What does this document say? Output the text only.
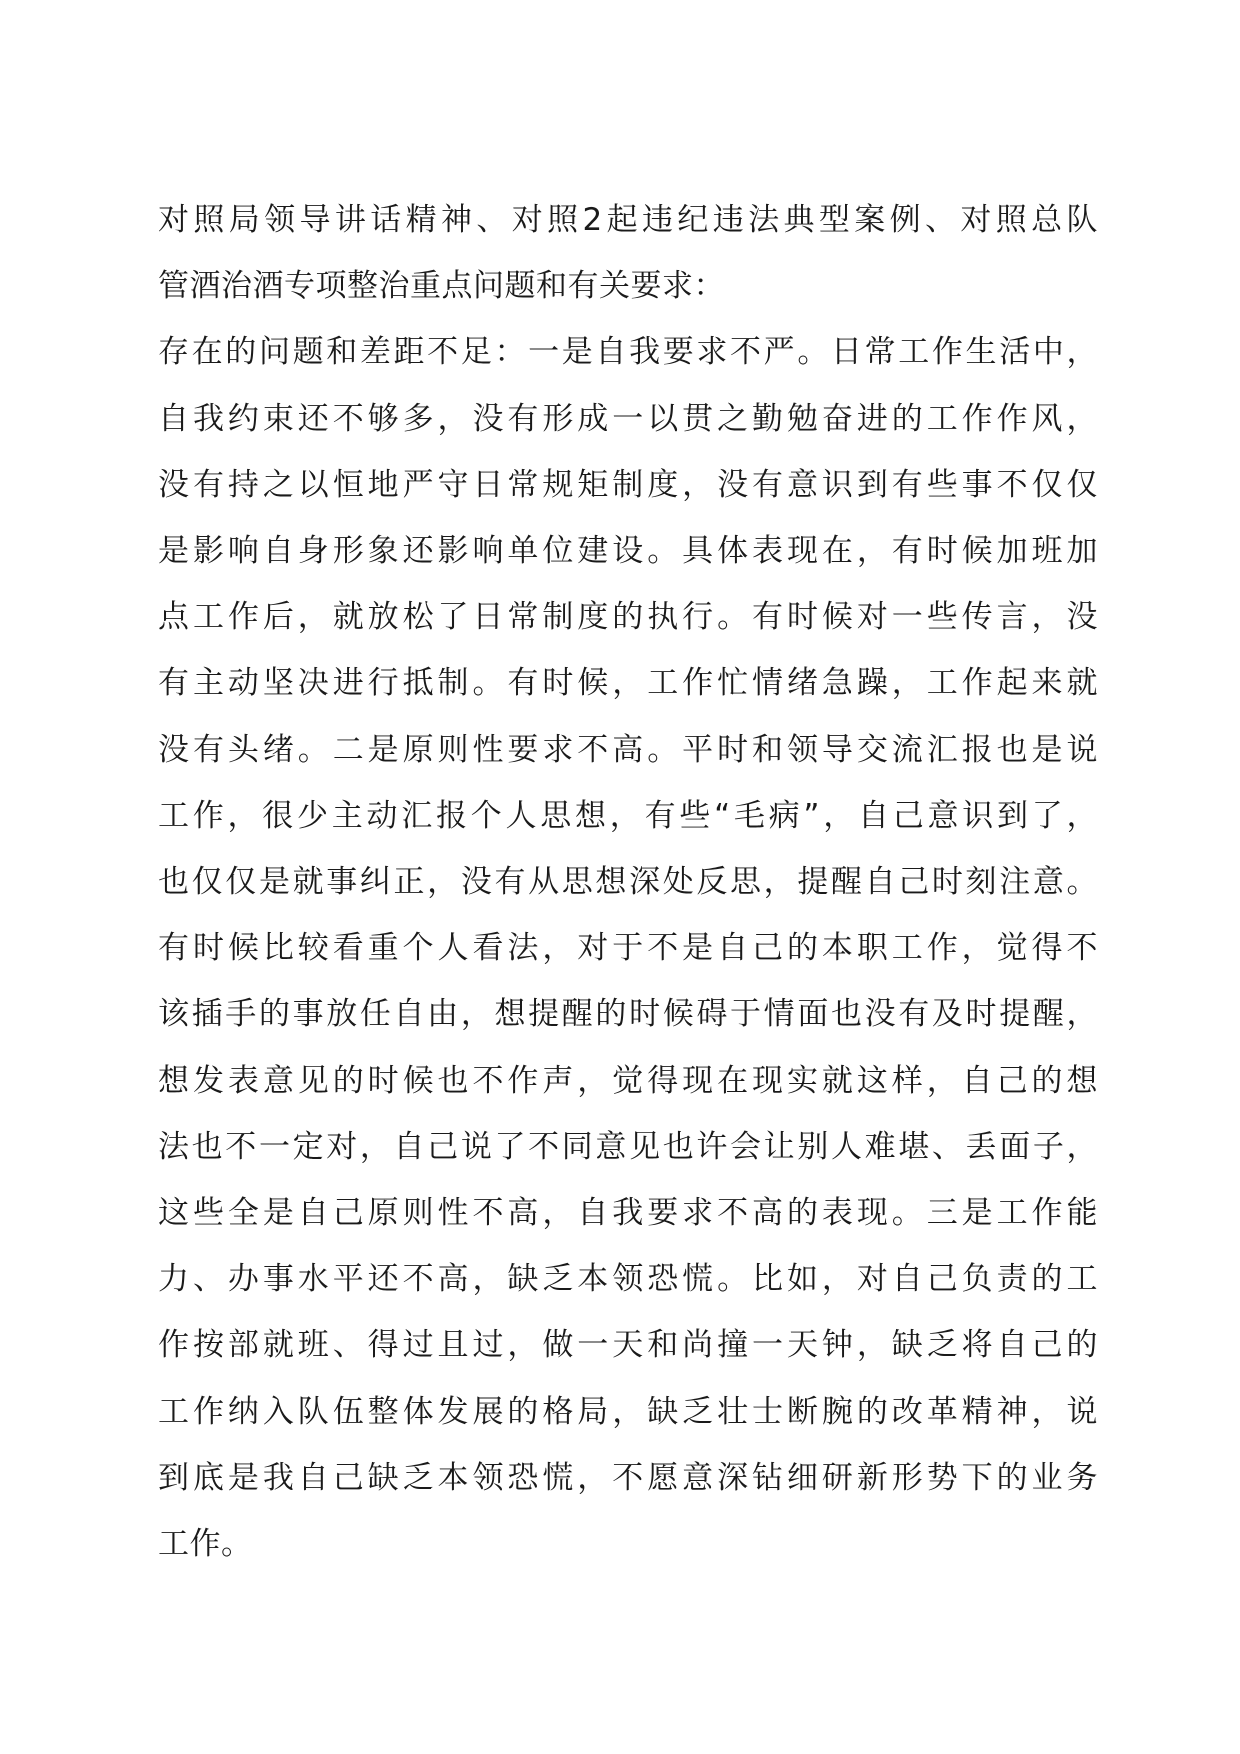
对照局领导讲话精神、对照2起违纪违法典型案例、对照总队
管酒治酒专项整治重点问题和有关要求：
存在的问题和差距不足：一是自我要求不严。日常工作生活中，
自我约束还不够多，没有形成一以贯之勤勉奋进的工作作风，
没有持之以恒地严守日常规矩制度，没有意识到有些事不仅仅
是影响自身形象还影响单位建设。具体表现在，有时候加班加
点工作后，就放松了日常制度的执行。有时候对一些传言，没
有主动坚决进行抵制。有时候，工作忙情绪急躁，工作起来就
没有头绪。二是原则性要求不高。平时和领导交流汇报也是说
工作，很少主动汇报个人思想，有些“毛病”，自己意识到了，
也仅仅是就事纠正，没有从思想深处反思，提醒自己时刻注意。
有时候比较看重个人看法，对于不是自己的本职工作，觉得不
该插手的事放任自由，想提醒的时候碍于情面也没有及时提醒，
想发表意见的时候也不作声，觉得现在现实就这样，自己的想
法也不一定对，自己说了不同意见也许会让别人难堪、丢面子，
这些全是自己原则性不高，自我要求不高的表现。三是工作能
力、办事水平还不高，缺乏本领恐慌。比如，对自己负责的工
作按部就班、得过且过，做一天和尚撞一天钟，缺乏将自己的
工作纳入队伍整体发展的格局，缺乏壮士断腕的改革精神，说
到底是我自己缺乏本领恐慌，不愿意深钻细研新形势下的业务
工作。
